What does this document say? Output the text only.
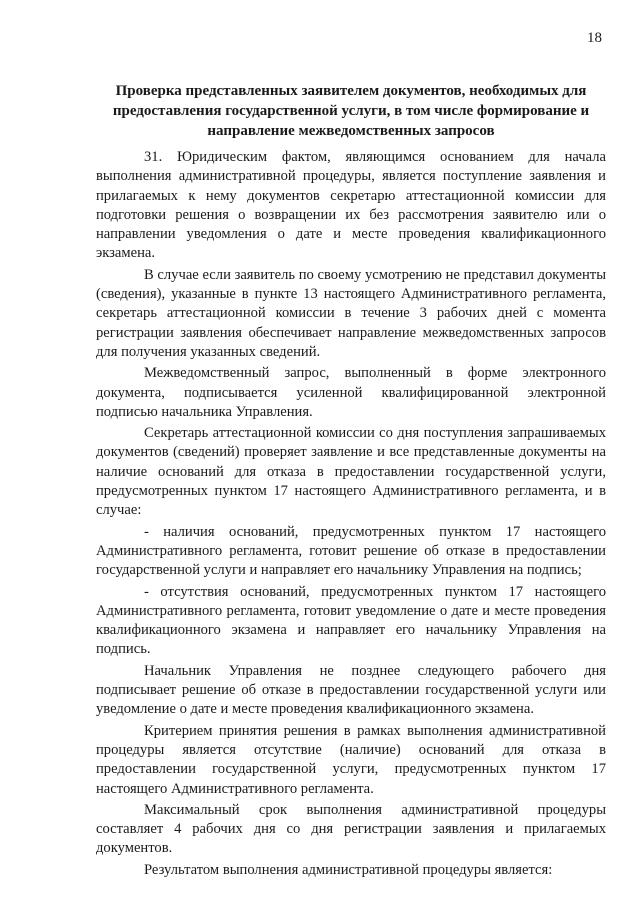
18
Проверка представленных заявителем документов, необходимых для предоставления государственной услуги, в том числе формирование и направление межведомственных запросов

31. Юридическим фактом, являющимся основанием для начала выполнения административной процедуры, является поступление заявления и прилагаемых к нему документов секретарю аттестационной комиссии для подготовки решения о возвращении их без рассмотрения заявителю или о направлении уведомления о дате и месте проведения квалификационного экзамена.

В случае если заявитель по своему усмотрению не представил документы (сведения), указанные в пункте 13 настоящего Административного регламента, секретарь аттестационной комиссии в течение 3 рабочих дней с момента регистрации заявления обеспечивает направление межведомственных запросов для получения указанных сведений.

Межведомственный запрос, выполненный в форме электронного документа, подписывается усиленной квалифицированной электронной подписью начальника Управления.

Секретарь аттестационной комиссии со дня поступления запрашиваемых документов (сведений) проверяет заявление и все представленные документы на наличие оснований для отказа в предоставлении государственной услуги, предусмотренных пунктом 17 настоящего Административного регламента, и в случае:

- наличия оснований, предусмотренных пунктом 17 настоящего Административного регламента, готовит решение об отказе в предоставлении государственной услуги и направляет его начальнику Управления на подпись;

- отсутствия оснований, предусмотренных пунктом 17 настоящего Административного регламента, готовит уведомление о дате и месте проведения квалификационного экзамена и направляет его начальнику Управления на подпись.

Начальник Управления не позднее следующего рабочего дня подписывает решение об отказе в предоставлении государственной услуги или уведомление о дате и месте проведения квалификационного экзамена.

Критерием принятия решения в рамках выполнения административной процедуры является отсутствие (наличие) оснований для отказа в предоставлении государственной услуги, предусмотренных пунктом 17 настоящего Административного регламента.

Максимальный срок выполнения административной процедуры составляет 4 рабочих дня со дня регистрации заявления и прилагаемых документов.

Результатом выполнения административной процедуры является:
